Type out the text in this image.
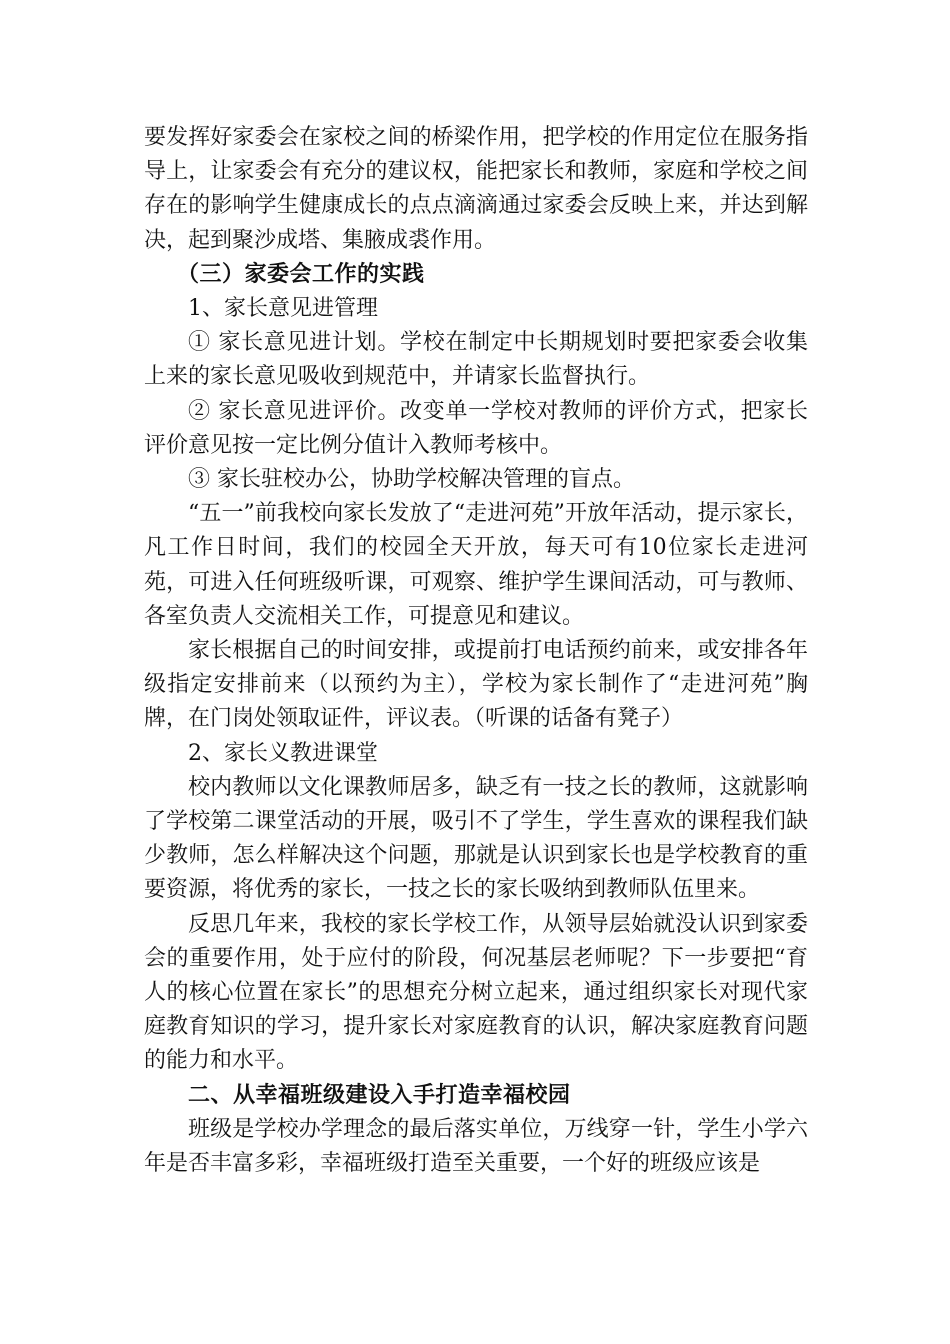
要发挥好家委会在家校之间的桥梁作用，把学校的作用定位在服务指导上，让家委会有充分的建议权，能把家长和教师，家庭和学校之间存在的影响学生健康成长的点点滴滴通过家委会反映上来，并达到解决，起到聚沙成塔、集腋成裘作用。

（三）家委会工作的实践

1、家长意见进管理

① 家长意见进计划。学校在制定中长期规划时要把家委会收集上来的家长意见吸收到规范中，并请家长监督执行。

② 家长意见进评价。改变单一学校对教师的评价方式，把家长评价意见按一定比例分值计入教师考核中。

③ 家长驻校办公，协助学校解决管理的盲点。

“五一”前我校向家长发放了“走进河苑”开放年活动，提示家长，凡工作日时间，我们的校园全天开放，每天可有10位家长走进河苑，可进入任何班级听课，可观察、维护学生课间活动，可与教师、各室负责人交流相关工作，可提意见和建议。

家长根据自己的时间安排，或提前打电话预约前来，或安排各年级指定安排前来（以预约为主），学校为家长制作了“走进河苑”胸牌，在门岗处领取证件，评议表。（听课的话备有凳子）

2、家长义教进课堂

校内教师以文化课教师居多，缺乏有一技之长的教师，这就影响了学校第二课堂活动的开展，吸引不了学生，学生喜欢的课程我们缺少教师，怎么样解决这个问题，那就是认识到家长也是学校教育的重要资源，将优秀的家长，一技之长的家长吸纳到教师队伍里来。

反思几年来，我校的家长学校工作，从领导层始就没认识到家委会的重要作用，处于应付的阶段，何况基层老师呢？下一步要把“育人的核心位置在家长”的思想充分树立起来，通过组织家长对现代家庭教育知识的学习，提升家长对家庭教育的认识，解决家庭教育问题的能力和水平。

二、从幸福班级建设入手打造幸福校园

班级是学校办学理念的最后落实单位，万线穿一针，学生小学六年是否丰富多彩，幸福班级打造至关重要，一个好的班级应该是
